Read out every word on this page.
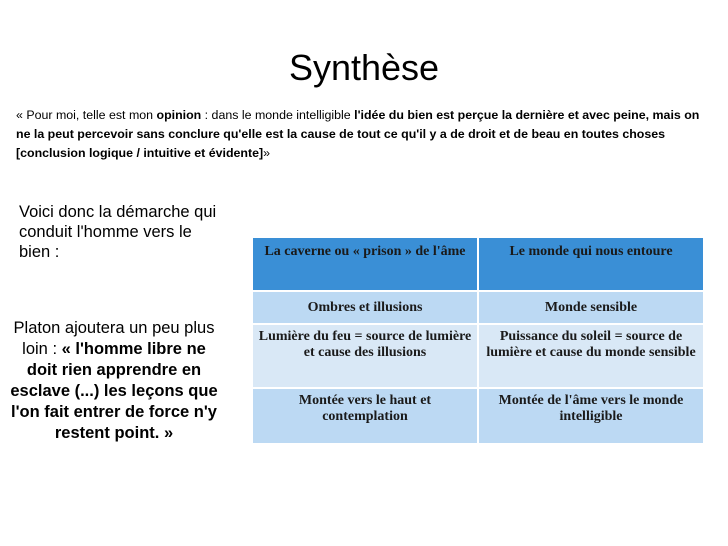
Synthèse
« Pour moi, telle est mon opinion : dans le monde intelligible l'idée du bien est perçue la dernière et avec peine, mais on ne la peut percevoir sans conclure qu'elle est la cause de tout ce qu'il y a de droit et de beau en toutes choses [conclusion logique / intuitive et évidente]»
Voici donc la démarche qui conduit l'homme vers le bien :
Platon ajoutera un peu plus loin : « l'homme libre ne doit rien apprendre en esclave (...) les leçons que l'on fait entrer de force n'y restent point. »
La caverne ou « prison » de l'âme	Le monde qui nous entoure
Ombres et illusions	Monde sensible
Lumière du feu = source de lumière et cause des illusions	Puissance du soleil = source de lumière et cause du monde sensible
Montée vers le haut et contemplation	Montée de l'âme vers le monde intelligible
